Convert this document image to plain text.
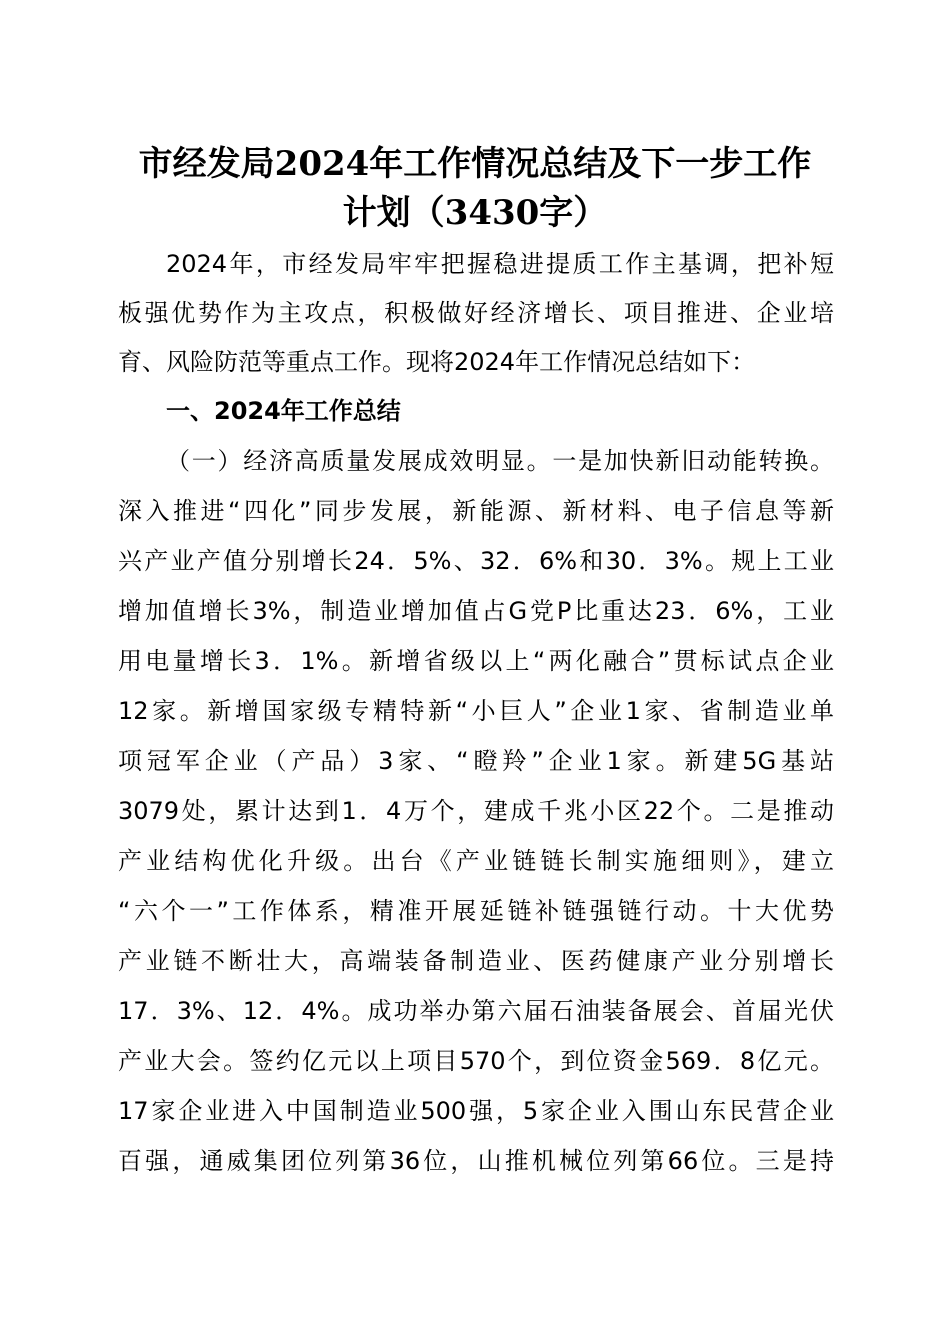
市经发局2024年工作情况总结及下一步工作
计划（3430字）
2024年，市经发局牢牢把握稳进提质工作主基调，把补短
板强优势作为主攻点，积极做好经济增长、项目推进、企业培
育、风险防范等重点工作。现将2024年工作情况总结如下：
一、2024年工作总结
（一）经济高质量发展成效明显。一是加快新旧动能转换。
深入推进“四化”同步发展，新能源、新材料、电子信息等新
兴产业产值分别增长24．5%、32．6%和30．3%。规上工业
增加值增长3%，制造业增加值占G党P比重达23．6%，工业
用电量增长3．1%。新增省级以上“两化融合”贯标试点企业
12家。新增国家级专精特新“小巨人”企业1家、省制造业单
项冠军企业（产品）3家、“瞪羚”企业1家。新建5G基站
3079处，累计达到1．4万个，建成千兆小区22个。二是推动
产业结构优化升级。出台《产业链链长制实施细则》，建立
“六个一”工作体系，精准开展延链补链强链行动。十大优势
产业链不断壮大，高端装备制造业、医药健康产业分别增长
17．3%、12．4%。成功举办第六届石油装备展会、首届光伏
产业大会。签约亿元以上项目570个，到位资金569．8亿元。
17家企业进入中国制造业500强，5家企业入围山东民营企业
百强，通威集团位列第36位，山推机械位列第66位。三是持
